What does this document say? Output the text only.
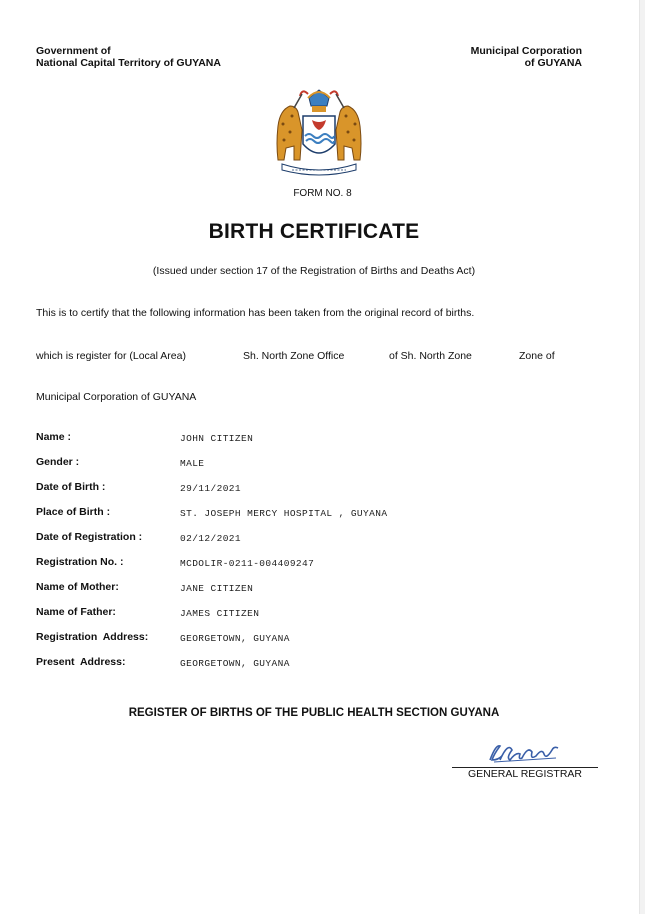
Government of
National Capital Territory of GUYANA
Municipal Corporation
of GUYANA
FORM NO. 8
BIRTH CERTIFICATE
(Issued under section 17 of the Registration of Births and Deaths Act)
This is to certify that the following information has been taken from the original record of births.
which is register for (Local Area)	Sh. North Zone Office	of Sh. North Zone	Zone of
Municipal Corporation of GUYANA
Name :	JOHN CITIZEN
Gender :	MALE
Date of Birth :	29/11/2021
Place of Birth :	ST. JOSEPH MERCY HOSPITAL , GUYANA
Date of Registration :	02/12/2021
Registration No. :	MCDOLIR-0211-004409247
Name of Mother:	JANE CITIZEN
Name of Father:	JAMES CITIZEN
Registration  Address:	GEORGETOWN, GUYANA
Present  Address:	GEORGETOWN, GUYANA
REGISTER OF BIRTHS OF THE PUBLIC HEALTH SECTION GUYANA
GENERAL REGISTRAR
